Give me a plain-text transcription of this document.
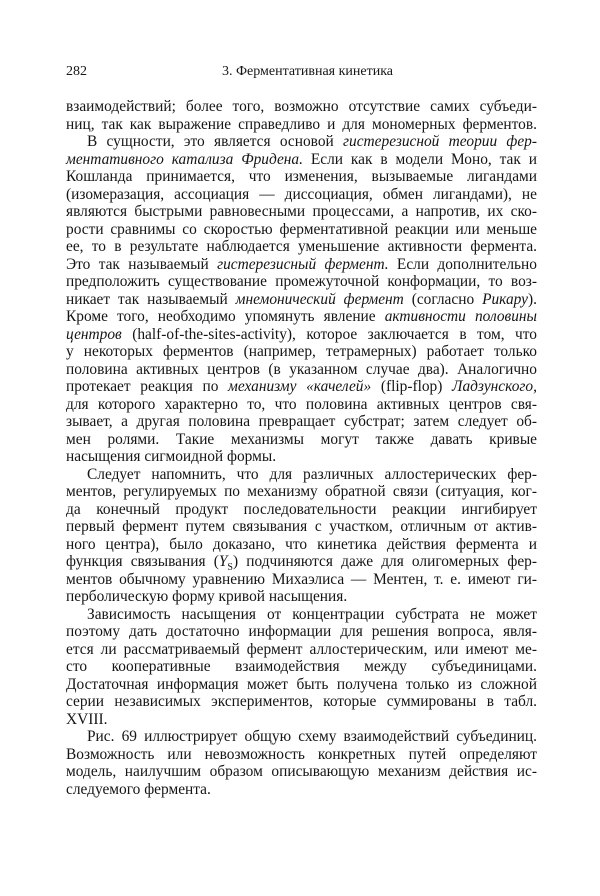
282	3. Ферментативная кинетика
взаимодействий; более того, возможно отсутствие самих субъеди-
ниц, так как выражение справедливо и для мономерных ферментов.
В сущности, это является основой гистерезисной теории фер-
ментативного катализа Фридена. Если как в модели Моно, так и
Кошланда принимается, что изменения, вызываемые лигандами
(изомеразация, ассоциация — диссоциация, обмен лигандами), не
являются быстрыми равновесными процессами, а напротив, их ско-
рости сравнимы со скоростью ферментативной реакции или меньше
ее, то в результате наблюдается уменьшение активности фермента.
Это так называемый гистерезисный фермент. Если дополнительно
предположить существование промежуточной конформации, то воз-
никает так называемый мнемонический фермент (согласно Рикару).
Кроме того, необходимо упомянуть явление активности половины
центров (half-of-the-sites-activity), которое заключается в том, что
у некоторых ферментов (например, тетрамерных) работает только
половина активных центров (в указанном случае два). Аналогично
протекает реакция по механизму «качелей» (flip-flop) Ладзунского,
для которого характерно то, что половина активных центров свя-
зывает, а другая половина превращает субстрат; затем следует об-
мен ролями. Такие механизмы могут также давать кривые
насыщения сигмоидной формы.
Следует напомнить, что для различных аллостерических фер-
ментов, регулируемых по механизму обратной связи (ситуация, ког-
да конечный продукт последовательности реакции ингибирует
первый фермент путем связывания с участком, отличным от актив-
ного центра), было доказано, что кинетика действия фермента и
функция связывания $(Y_S)$ подчиняются даже для олигомерных фер-
ментов обычному уравнению Михаэлиса — Ментен, т. е. имеют ги-
перболическую форму кривой насыщения.
Зависимость насыщения от концентрации субстрата не может
поэтому дать достаточно информации для решения вопроса, явля-
ется ли рассматриваемый фермент аллостерическим, или имеют ме-
сто кооперативные взаимодействия между субъединицами.
Достаточная информация может быть получена только из сложной
серии независимых экспериментов, которые суммированы в табл.
XVIII.
Рис. 69 иллюстрирует общую схему взаимодействий субъединиц.
Возможность или невозможность конкретных путей определяют
модель, наилучшим образом описывающую механизм действия ис-
следуемого фермента.
